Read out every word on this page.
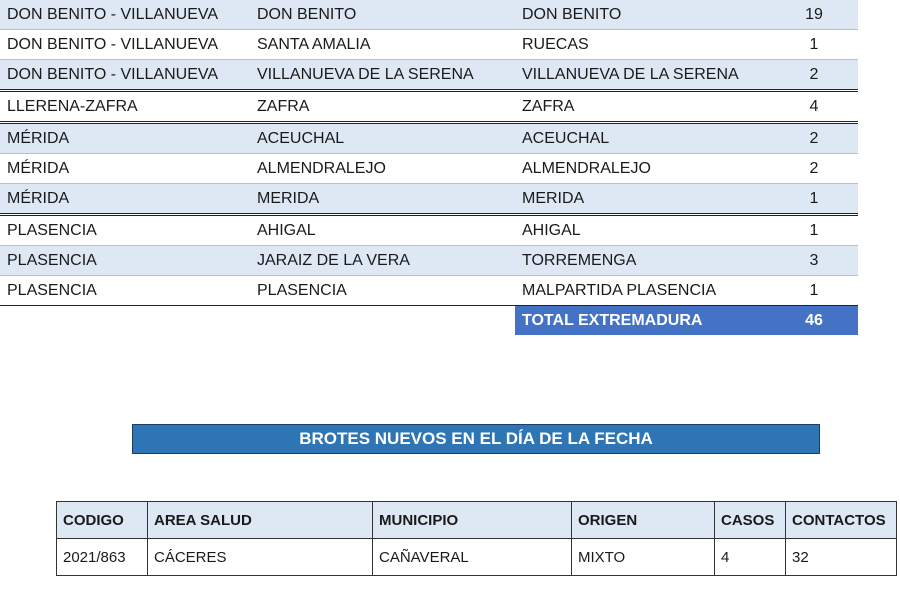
DON BENITO - VILLANUEVA	DON BENITO	DON BENITO	19
DON BENITO - VILLANUEVA	SANTA AMALIA	RUECAS	1
DON BENITO - VILLANUEVA	VILLANUEVA DE LA SERENA	VILLANUEVA DE LA SERENA	2
LLERENA-ZAFRA	ZAFRA	ZAFRA	4
MÉRIDA	ACEUCHAL	ACEUCHAL	2
MÉRIDA	ALMENDRALEJO	ALMENDRALEJO	2
MÉRIDA	MERIDA	MERIDA	1
PLASENCIA	AHIGAL	AHIGAL	1
PLASENCIA	JARAIZ DE LA VERA	TORREMENGA	3
PLASENCIA	PLASENCIA	MALPARTIDA PLASENCIA	1
		TOTAL EXTREMADURA	46
BROTES NUEVOS EN EL DÍA DE LA FECHA
CODIGO	AREA SALUD	MUNICIPIO	ORIGEN	CASOS	CONTACTOS
2021/863	CÁCERES	CAÑAVERAL	MIXTO	4	32
